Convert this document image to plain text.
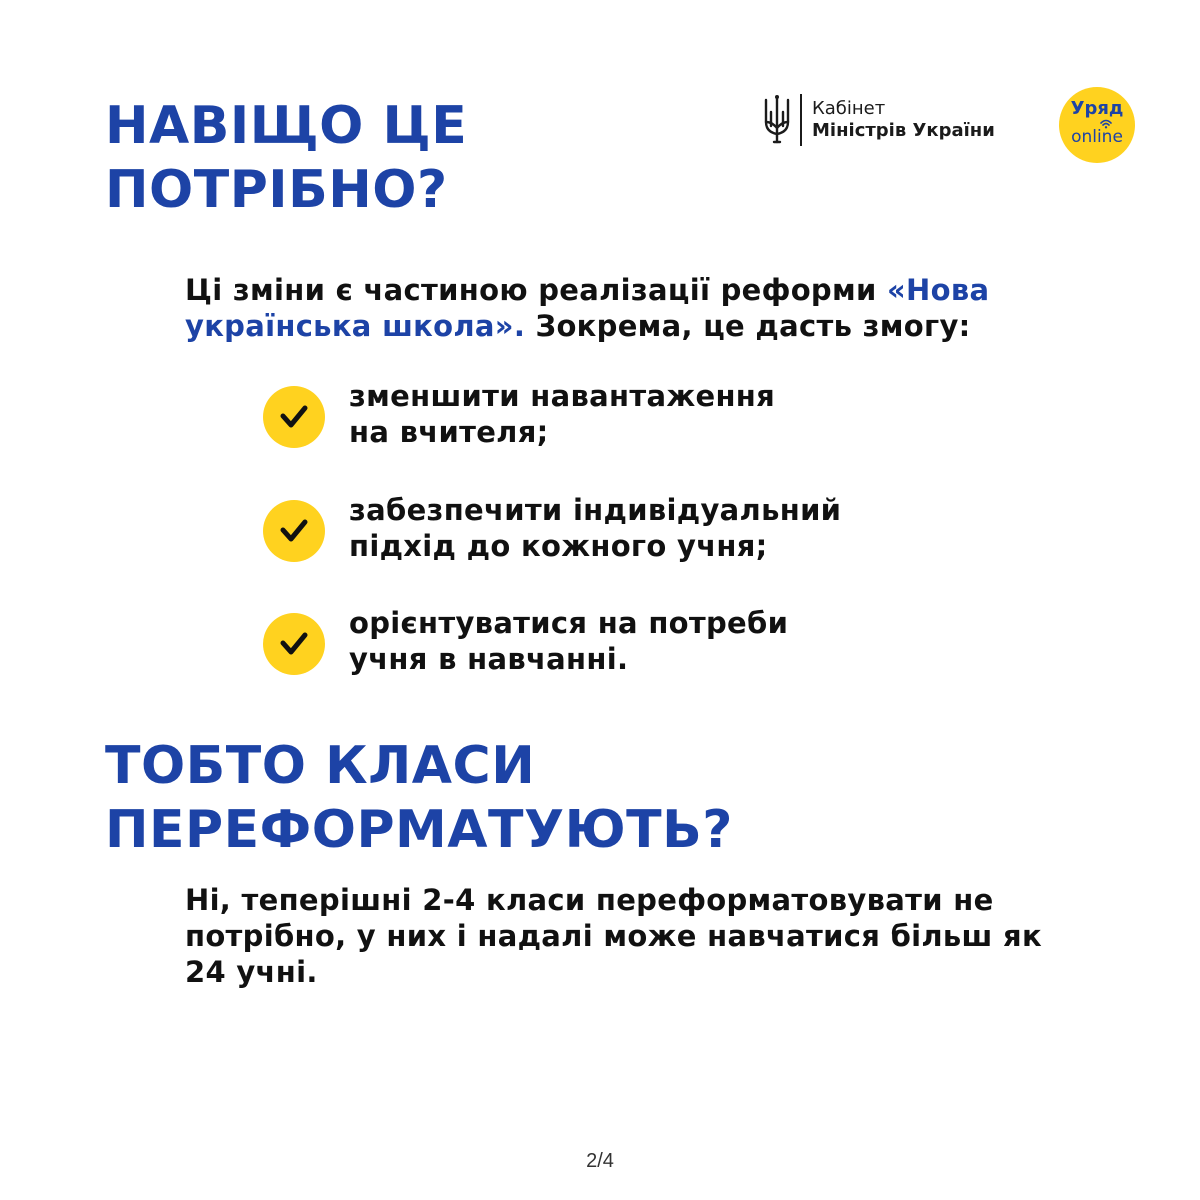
Кабінет
Міністрів України
Уряд
online
НАВІЩО ЦЕ
ПОТРІБНО?
Ці зміни є частиною реалізації реформи «Нова українська школа». Зокрема, це дасть змогу:
зменшити навантаження
на вчителя;
забезпечити індивідуальний
підхід до кожного учня;
орієнтуватися на потреби
учня в навчанні.
ТОБТО КЛАСИ
ПЕРЕФОРМАТУЮТЬ?
Ні, теперішні 2-4 класи переформатовувати не потрібно, у них і надалі може навчатися більш як 24 учні.
2/4
